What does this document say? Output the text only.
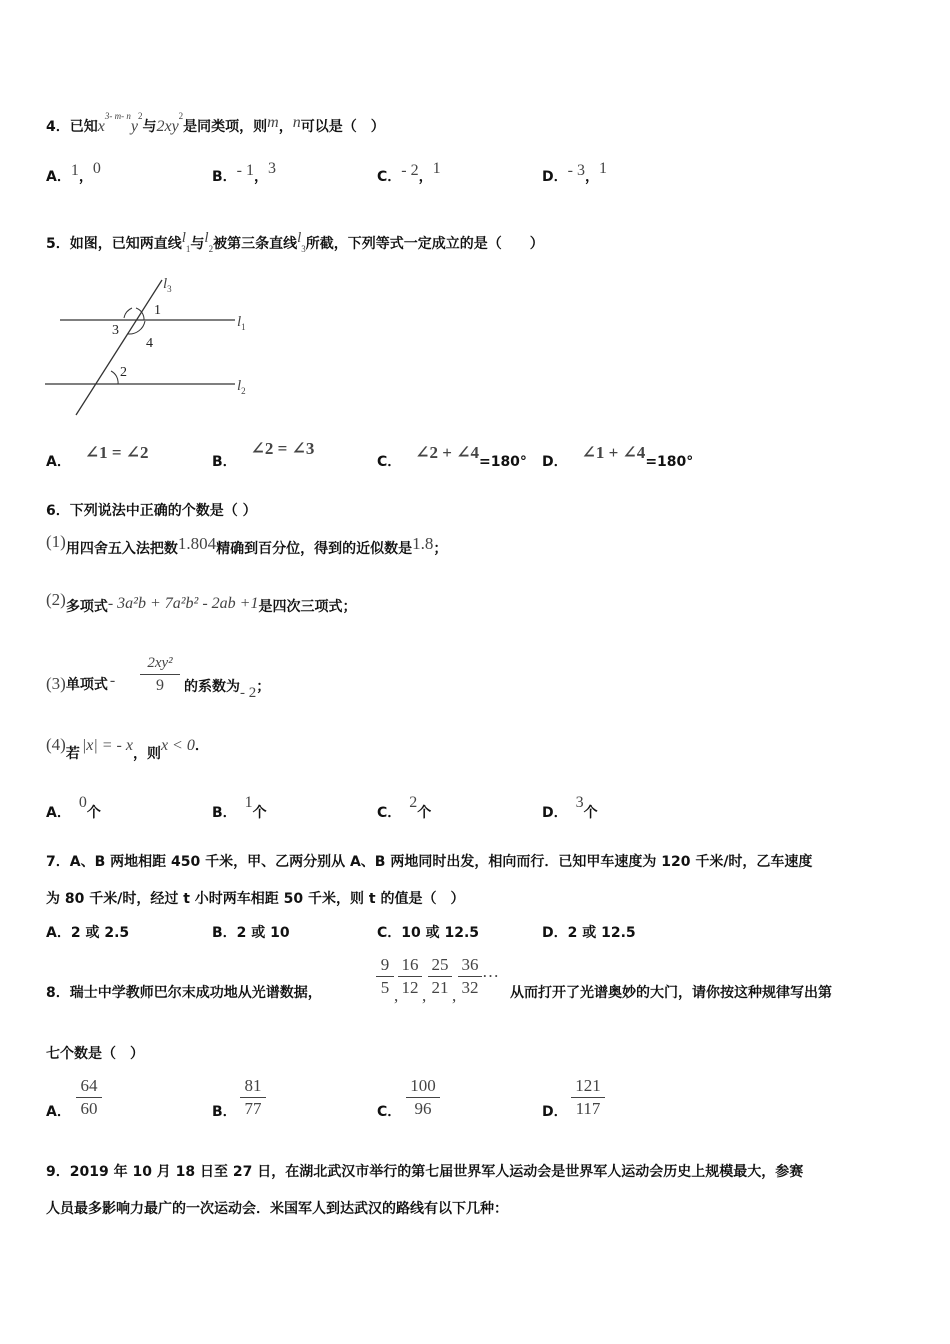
4．已知$x^{3- m- n}y^2$与$2xy^2$是同类项，则m，n可以是（　）
A．1，0	B．- 1，3	C．- 2，1	D．- 3，1
5．如图，已知两直线$l_1$与$l_2$被第三条直线$l_3$所截，下列等式一定成立的是（　　）
$l_3$
$l_1$
$l_2$
1
3
4
2
A． ∠1 = ∠2	B．∠2 = ∠3
C． ∠2 + ∠4=180° D． ∠1 + ∠4=180°
6．下列说法中正确的个数是（ ）
(1)用四舍五入法把数1.804精确到百分位，得到的近似数是1.8；
(2)多项式- 3a²b + 7a²b² - 2ab +1是四次三项式；
(3)单项式 - $\frac{\text{2xy²}}{9}$ 的系数为- 2；
(4)若 |x| = - x，则x < 0．
A．0个	B．1个	C．2个	D．3个
7．A、B 两地相距 450 千米，甲、乙两分别从 A、B 两地同时出发，相向而行．已知甲车速度为 120 千米/时，乙车速度
为 80 千米/时，经过 t 小时两车相距 50 千米，则 t 的值是（　）
A．2 或 2.5	B．2 或 10	C．10 或 12.5	D．2 或 12.5
8．瑞士中学教师巴尔末成功地从光谱数据，	$\frac{9}{5}$ , $\frac{16}{12}$ , $\frac{25}{21}$ , $\frac{36}{32}$ …
从而打开了光谱奥妙的大门，请你按这种规律写出第
七个数是（　）
A． $\frac{64}{60}$	B． $\frac{81}{77}$	C． $\frac{100}{96}$	D． $\frac{121}{117}$
9．2019 年 10 月 18 日至 27 日，在湖北武汉市举行的第七届世界军人运动会是世界军人运动会历史上规模最大，参赛
人员最多影响力最广的一次运动会．米国军人到达武汉的路线有以下几种：
